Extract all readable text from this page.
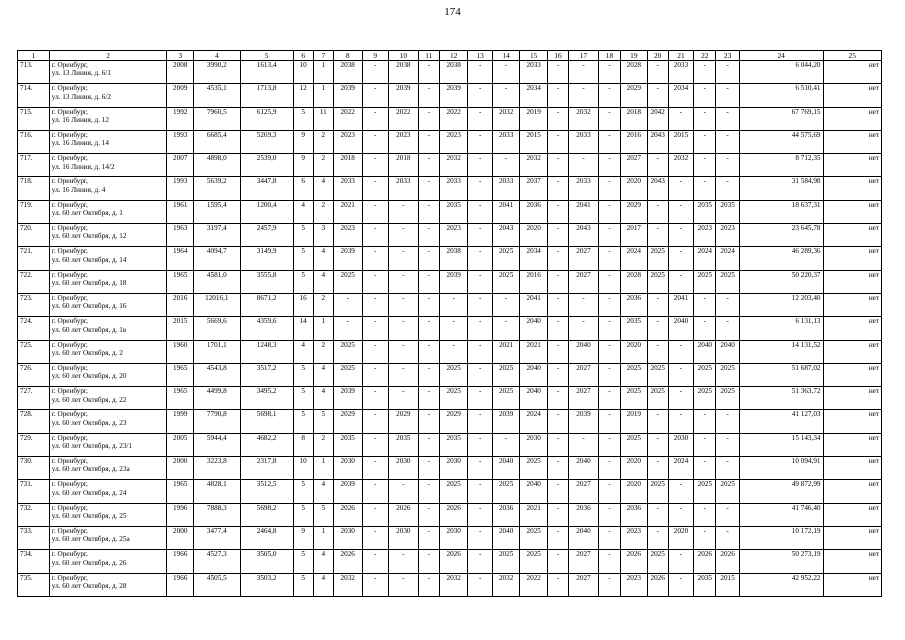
174
1	2	3	4	5	6	7	8	9	10	11	12	13	14	15	16	17	18	19	20	21	22	23	24	25
713.	г. Оренбург,
ул. 13 Линия, д. 6/1	2008	3990,2	1613,4	10	1	2038	-	2038	-	2038	-	-	2033	-	-	-	2028	-	2033	-	-	6 044,20	нет
714.	г. Оренбург,
ул. 13 Линия, д. 6/2	2009	4535,1	1713,8	12	1	2039	-	2039	-	2039	-	-	2034	-	-	-	2029	-	2034	-	-	6 510,41	нет
715.	г. Оренбург,
ул. 16 Линия, д. 12	1992	7960,5	6125,9	5	11	2022	-	2022	-	2022	-	2032	2019	-	2032	-	2018	2042	-	-	-	67 769,15	нет
716.	г. Оренбург,
ул. 16 Линия, д. 14	1993	6685,4	5269,3	9	2	2023	-	2023	-	2023	-	2033	2015	-	2033	-	2016	2043	2015	-	-	44 575,69	нет
717.	г. Оренбург,
ул. 16 Линия, д. 14/2	2007	4898,0	2539,0	9	2	2018	-	2018	-	2032	-	-	2032	-	-	-	2027	-	2032	-	-	8 712,35	нет
718.	г. Оренбург,
ул. 16 Линия, д. 4	1993	5639,2	3447,8	6	4	2033	-	2033	-	2033	-	2033	2037	-	2033	-	2020	2043	-	-	-	31 584,98	нет
719.	г. Оренбург,
ул. 60 лет Октября, д. 1	1961	1595,4	1200,4	4	2	2021	-	-	-	2035	-	2041	2036	-	2041	-	2029	-	-	2035	2035	18 637,31	нет
720.	г. Оренбург,
ул. 60 лет Октября, д. 12	1963	3197,4	2457,9	5	3	2023	-	-	-	2023	-	2043	2020	-	2043	-	2017	-	-	2023	2023	23 645,78	нет
721.	г. Оренбург,
ул. 60 лет Октября, д. 14	1964	4094,7	3149,9	5	4	2039	-	-	-	2038	-	2025	2034	-	2027	-	2024	2025	-	2024	2024	46 289,36	нет
722.	г. Оренбург,
ул. 60 лет Октября, д. 18	1965	4581,0	3555,8	5	4	2025	-	-	-	2039	-	2025	2016	-	2027	-	2028	2025	-	2025	2025	50 220,37	нет
723.	г. Оренбург,
ул. 60 лет Октября, д. 16	2016	12016,1	8671,2	16	2	-	-	-	-	-	-	-	2041	-	-	-	2036	-	2041	-	-	12 203,40	нет
724.	г. Оренбург,
ул. 60 лет Октября, д. 1в	2015	5669,6	4359,6	14	1	-	-	-	-	-	-	-	2040	-	-	-	2035	-	2040	-	-	6 131,13	нет
725.	г. Оренбург,
ул. 60 лет Октября, д. 2	1960	1701,1	1248,3	4	2	2025	-	-	-	-	-	2021	2021	-	2040	-	2020	-	-	2040	2040	14 131,52	нет
726.	г. Оренбург,
ул. 60 лет Октября, д. 20	1965	4543,8	3517,2	5	4	2025	-	-	-	2025	-	2025	2040	-	2027	-	2025	2025	-	2025	2025	51 687,02	нет
727.	г. Оренбург,
ул. 60 лет Октября, д. 22	1965	4499,8	3495,2	5	4	2039	-	-	-	2025	-	2025	2040	-	2027	-	2025	2025	-	2025	2025	51 363,72	нет
728.	г. Оренбург,
ул. 60 лет Октября, д. 23	1999	7790,8	5698,1	5	5	2029	-	2029	-	2029	-	2039	2024	-	2039	-	2019	-	-	-	-	41 127,03	нет
729.	г. Оренбург,
ул. 60 лет Октября, д. 23/1	2005	5944,4	4682,2	8	2	2035	-	2035	-	2035	-	-	2030	-	-	-	2025	-	2030	-	-	15 143,34	нет
730.	г. Оренбург,
ул. 60 лет Октября, д. 23а	2000	3223,8	2317,8	10	1	2030	-	2030	-	2030	-	2040	2025	-	2040	-	2020	-	2024	-	-	10 094,91	нет
731.	г. Оренбург,
ул. 60 лет Октября, д. 24	1965	4828,1	3512,5	5	4	2039	-	-	-	2025	-	2025	2040	-	2027	-	2020	2025	-	2025	2025	49 872,99	нет
732.	г. Оренбург,
ул. 60 лет Октября, д. 25	1996	7888,3	5698,2	5	5	2026	-	2026	-	2026	-	2036	2021	-	2036	-	2036	-	-	-	-	41 746,40	нет
733.	г. Оренбург,
ул. 60 лет Октября, д. 25а	2000	3477,4	2464,8	9	1	2030	-	2030	-	2030	-	2040	2025	-	2040	-	2023	-	2020	-	-	10 172,19	нет
734.	г. Оренбург,
ул. 60 лет Октября, д. 26	1966	4527,3	3505,0	5	4	2026	-	-	-	2026	-	2025	2025	-	2027	-	2026	2025	-	2026	2026	50 273,19	нет
735.	г. Оренбург,
ул. 60 лет Октября, д. 28	1966	4505,5	3503,2	5	4	2032	-	-	-	2032	-	2032	2022	-	2027	-	2023	2026	-	2035	2015	42 952,22	нет
